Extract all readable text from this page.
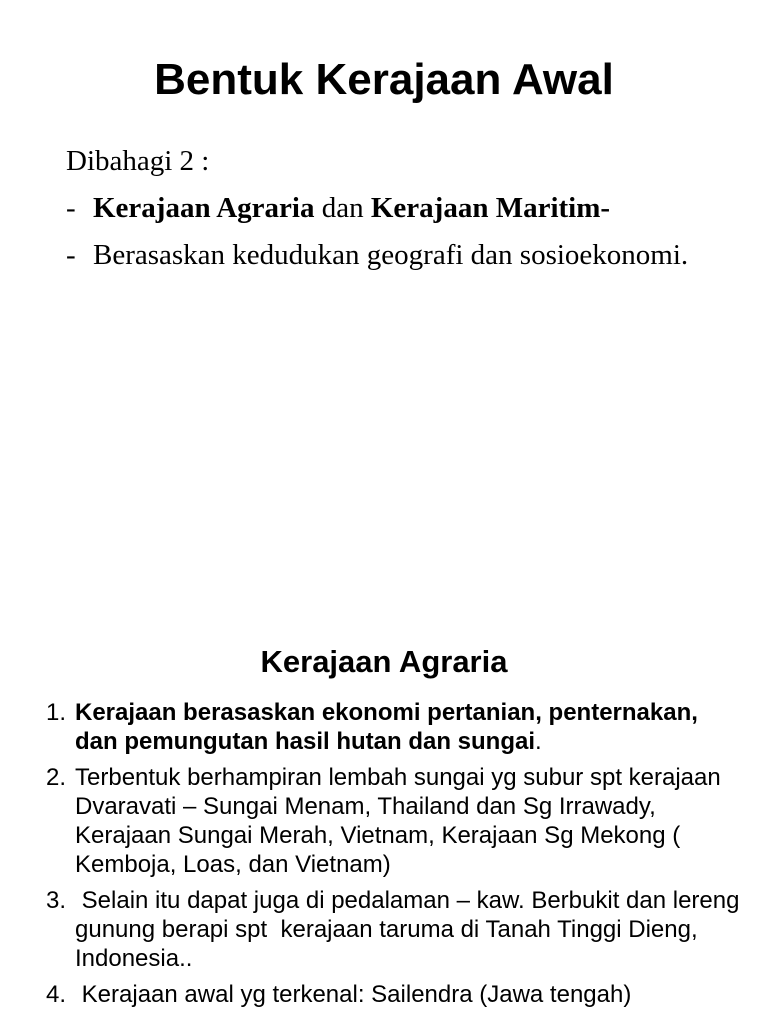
Bentuk Kerajaan Awal
Dibahagi 2 :
- Kerajaan Agraria dan Kerajaan Maritim-
- Berasaskan kedudukan geografi dan sosioekonomi.
Kerajaan Agraria
1. Kerajaan berasaskan ekonomi pertanian, penternakan, dan pemungutan hasil hutan dan sungai.
2. Terbentuk berhampiran lembah sungai yg subur spt kerajaan Dvaravati – Sungai Menam, Thailand dan Sg Irrawady, Kerajaan Sungai Merah, Vietnam, Kerajaan Sg Mekong ( Kemboja, Loas, dan Vietnam)
3. Selain itu dapat juga di pedalaman – kaw. Berbukit dan lereng gunung berapi spt  kerajaan taruma di Tanah Tinggi Dieng, Indonesia..
4. Kerajaan awal yg terkenal: Sailendra (Jawa tengah)
